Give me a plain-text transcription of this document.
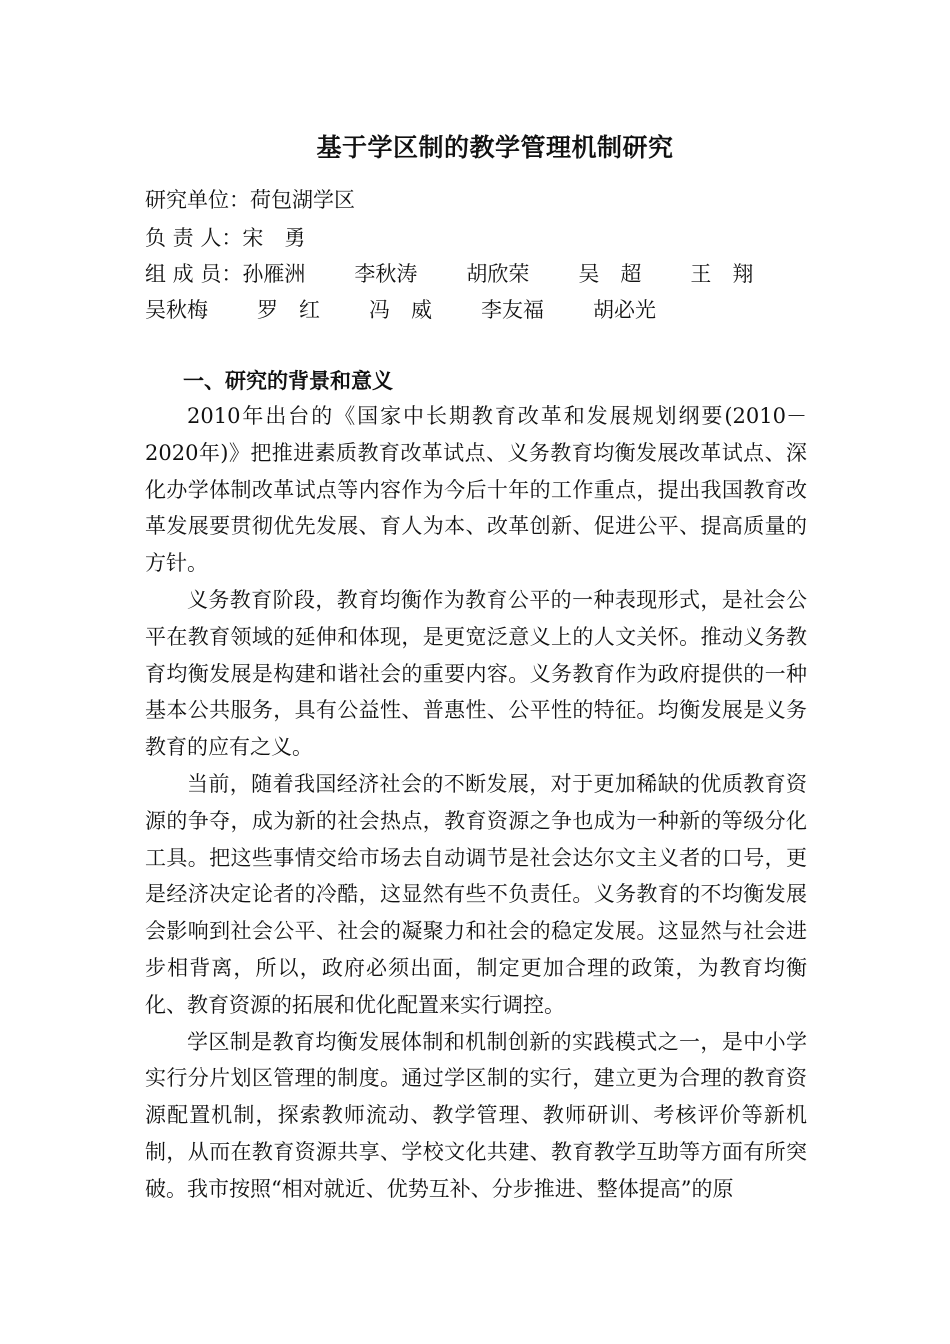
基于学区制的教学管理机制研究
研究单位：荷包湖学区
负 责 人：宋　勇
组 成 员：孙雁洲 李秋涛 胡欣荣 吴　超 王　翔
吴秋梅 罗　红 冯　威 李友福 胡必光
一、研究的背景和意义

2010年出台的《国家中长期教育改革和发展规划纲要(2010－2020年)》把推进素质教育改革试点、义务教育均衡发展改革试点、深化办学体制改革试点等内容作为今后十年的工作重点，提出我国教育改革发展要贯彻优先发展、育人为本、改革创新、促进公平、提高质量的方针。

义务教育阶段，教育均衡作为教育公平的一种表现形式，是社会公平在教育领域的延伸和体现，是更宽泛意义上的人文关怀。推动义务教育均衡发展是构建和谐社会的重要内容。义务教育作为政府提供的一种基本公共服务，具有公益性、普惠性、公平性的特征。均衡发展是义务教育的应有之义。

当前，随着我国经济社会的不断发展，对于更加稀缺的优质教育资源的争夺，成为新的社会热点，教育资源之争也成为一种新的等级分化工具。把这些事情交给市场去自动调节是社会达尔文主义者的口号，更是经济决定论者的冷酷，这显然有些不负责任。义务教育的不均衡发展会影响到社会公平、社会的凝聚力和社会的稳定发展。这显然与社会进步相背离，所以，政府必须出面，制定更加合理的政策，为教育均衡化、教育资源的拓展和优化配置来实行调控。

学区制是教育均衡发展体制和机制创新的实践模式之一，是中小学实行分片划区管理的制度。通过学区制的实行，建立更为合理的教育资源配置机制，探索教师流动、教学管理、教师研训、考核评价等新机制，从而在教育资源共享、学校文化共建、教育教学互助等方面有所突破。我市按照“相对就近、优势互补、分步推进、整体提高”的原
